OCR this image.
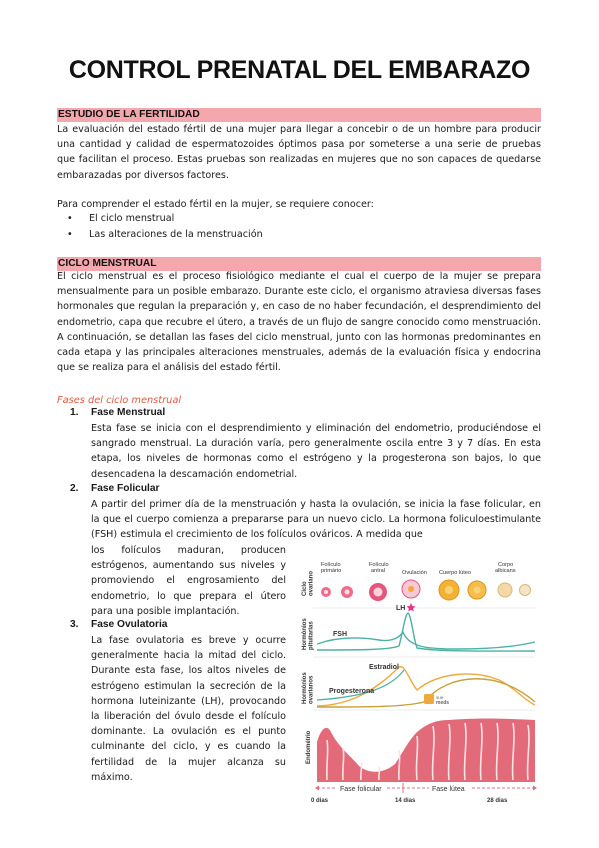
CONTROL PRENATAL DEL EMBARAZO
ESTUDIO DE LA FERTILIDAD

La evaluación del estado fértil de una mujer para llegar a concebir o de un hombre para producir una cantidad y calidad de espermatozoides óptimos pasa por someterse a una serie de pruebas que facilitan el proceso. Estas pruebas son realizadas en mujeres que no son capaces de quedarse embarazadas por diversos factores.

Para comprender el estado fértil en la mujer, se requiere conocer:

• El ciclo menstrual
• Las alteraciones de la menstruación
CICLO MENSTRUAL

El ciclo menstrual es el proceso fisiológico mediante el cual el cuerpo de la mujer se prepara mensualmente para un posible embarazo. Durante este ciclo, el organismo atraviesa diversas fases hormonales que regulan la preparación y, en caso de no haber fecundación, el desprendimiento del endometrio, capa que recubre el útero, a través de un flujo de sangre conocido como menstruación. A continuación, se detallan las fases del ciclo menstrual, junto con las hormonas predominantes en cada etapa y las principales alteraciones menstruales, además de la evaluación física y endocrina que se realiza para el análisis del estado fértil.

Fases del ciclo menstrual
1. Fase Menstrual

Esta fase se inicia con el desprendimiento y eliminación del endometrio, produciéndose el sangrado menstrual. La duración varía, pero generalmente oscila entre 3 y 7 días. En esta etapa, los niveles de hormonas como el estrógeno y la progesterona son bajos, lo que desencadena la descamación endometrial.

2. Fase Folicular

A partir del primer día de la menstruación y hasta la ovulación, se inicia la fase folicular, en la que el cuerpo comienza a prepararse para un nuevo ciclo. La hormona foliculoestimulante (FSH) estimula el crecimiento de los folículos ováricos. A medida que

los folículos maduran, producen estrógenos, aumentando sus niveles y promoviendo el engrosamiento del endometrio, lo que prepara el útero para una posible implantación.

3. Fase Ovulatoria

La fase ovulatoria es breve y ocurre generalmente hacia la mitad del ciclo. Durante esta fase, los altos niveles de estrógeno estimulan la secreción de la hormona luteinizante (LH), provocando la liberación del óvulo desde el folículo dominante. La ovulación es el punto culminante del ciclo, y es cuando la fertilidad de la mujer alcanza su máximo.

Cicloovariano
Hormôniospituitarias
Hormôniosovarianos
Endométrio
Folículo primário
Folículo antral	Ovulación Cuerpo lúteo
Corpo albicans
FSH
LH
Estradiol
Progesterona
sue
meds
Fase folicular	Fase lútea
0 dias	14 dias	28 dias
